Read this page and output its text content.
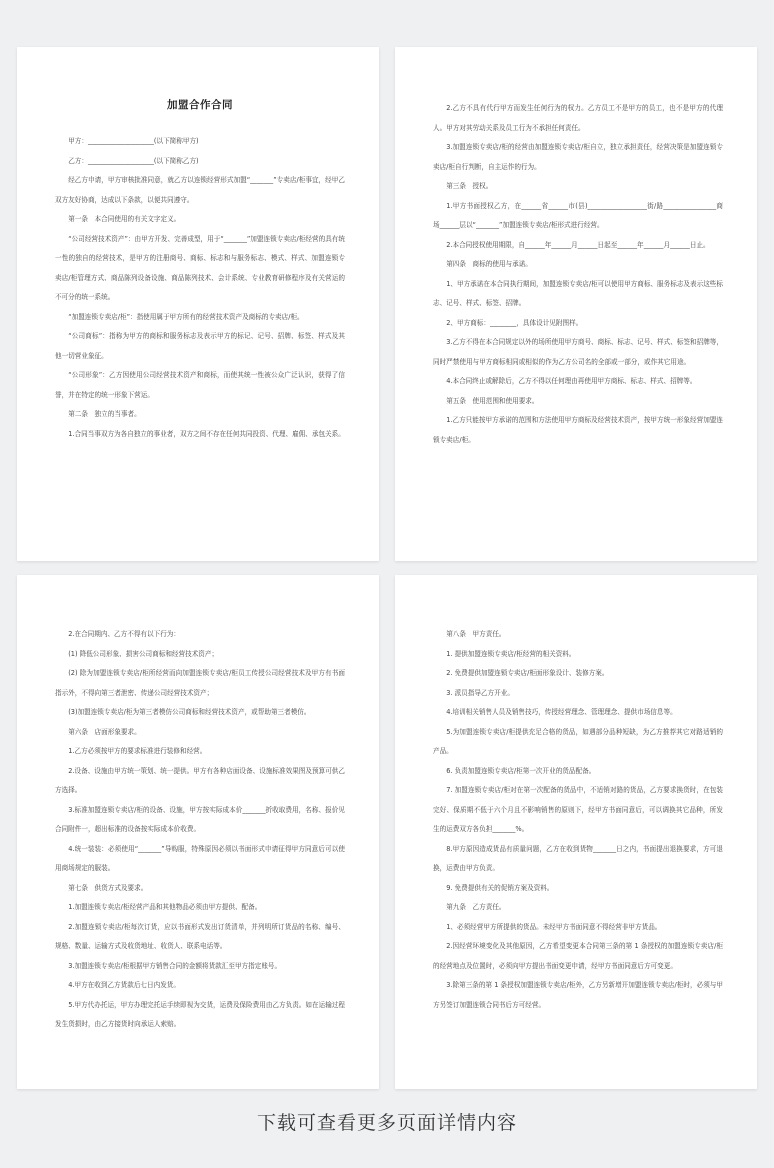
加盟合作合同

甲方：____________________(以下简称甲方)

乙方：____________________(以下简称乙方)

经乙方申请，甲方审核批准同意，就乙方以连锁经营形式加盟“_______”专卖店/柜事宜，经甲乙双方友好协商，达成以下条款，以便共同遵守。

第一条　本合同使用的有关文字定义。

“公司经营技术资产”：由甲方开发、完善成型，用于“_______”加盟连锁专卖店/柜经营的具有统一性的独自的经营技术，是甲方的注册商号、商标、标志和与服务标志、模式、样式、加盟连锁专卖店/柜管理方式、商品陈列设备设施、商品陈列技术、会计系统、专业教育研修程序及有关营运的不可分的统一系统。

“加盟连锁专卖店/柜”：指使用属于甲方所有的经营技术资产及商标的专卖店/柜。

“公司商标”：指称为甲方的商标和服务标志及表示甲方的标记、记号、招牌、标签、样式及其他一切营业象征。

“公司形象”：乙方因使用公司经营技术资产和商标，而使其统一性被公众广泛认识，获得了信誉，并在特定的统一形象下营运。

第二条　独立的当事者。

1.合同当事双方为各自独立的事业者，双方之间不存在任何共同投资、代理、雇佣、承包关系。

2.乙方不具有代行甲方而发生任何行为的权力。乙方员工不是甲方的员工，也不是甲方的代理人。甲方对其劳动关系及员工行为不承担任何责任。

3.加盟连锁专卖店/柜的经营由加盟连锁专卖店/柜自立，独立承担责任，经营决策是加盟连锁专卖店/柜自行判断，自主运作的行为。

第三条　授权。

1.甲方书面授权乙方，在______省______市(县)__________________街/路________________商场______层以“_______”加盟连锁专卖店/柜形式进行经营。

2.本合同授权使用期限，自______年______月______日起至______年______月______日止。

第四条　商标的使用与承诺。

1、甲方承诺在本合同执行期间，加盟连锁专卖店/柜可以使用甲方商标、服务标志及表示这些标志、记号、样式、标签、招牌。

2、甲方商标：________，具体设计见附图样。

3.乙方不得在本合同规定以外的场所使用甲方商号、商标、标志、记号、样式、标签和招牌等，同时严禁使用与甲方商标相同或相似的作为乙方公司名的全部或一部分，或作其它用途。

4.本合同终止或解除后，乙方不得以任何理由再使用甲方商标、标志、样式、招牌等。

第五条　使用范围和使用要求。

1.乙方只能按甲方承诺的范围和方法使用甲方商标及经营技术资产，按甲方统一形象经营加盟连锁专卖店/柜。

2.在合同期内、乙方不得有以下行为：

(1) 降低公司形象、损害公司商标和经营技术资产；

(2) 除为加盟连锁专卖店/柜所经营而向加盟连锁专卖店/柜员工传授公司经营技术及甲方有书面指示外，不得向第三者泄密、传递公司经营技术资产；

(3)加盟连锁专卖店/柜为第三者模仿公司商标和经营技术资产，或帮助第三者模仿。

第六条　店面形象要求。

1.乙方必须按甲方的要求标准进行装修和经营。

2.设备、设施由甲方统一策划、统一提供。甲方有各种店面设备、设施标准效果图及预算可供乙方选择。

3.标准加盟连锁专卖店/柜的设备、设施，甲方按实际成本价_______折收取费用，名称、报价见合同附件一，超出标准的设备按实际成本价收费。

4.统一装装：必须使用“_______”导购服，特殊原因必须以书面形式申请征得甲方同意后可以使用商场规定的服装。

第七条　供货方式及要求。

1.加盟连锁专卖店/柜经营产品和其他物品必须由甲方提供、配备。

2.加盟连锁专卖店/柜每次订货，应以书面形式发出订货清单，并列明所订货品的名称、编号、规格、数量、运输方式及收货地址、收货人、联系电话等。

3.加盟连锁专卖店/柜根据甲方销售合同的金额将货款汇至甲方指定账号。

4.甲方在收到乙方货款后七日内发货。

5.甲方代办托运，甲方办理完托运手续即视为交货，运费及保险费用由乙方负责。如在运输过程发生货损时，由乙方接货时向承运人索赔。

第八条　甲方责任。

1. 提供加盟连锁专卖店/柜经营的相关资料。

2. 免费提供加盟连锁专卖店/柜面形象设计、装修方案。

3. 派员指导乙方开业。

4.培训相关销售人员及销售技巧，传授经营理念、管理理念、提供市场信息等。

5.为加盟连锁专卖店/柜提供充足合格的货品，如遇部分品种短缺，为乙方推荐其它对路适销的产品。

6. 负责加盟连锁专卖店/柜第一次开业的货品配备。

7. 加盟连锁专卖店/柜对在第一次配备的货品中，不适销对路的货品，乙方要求换货时，在包装完好、保质期不低于六个月且不影响销售的原则下，经甲方书面同意后，可以调换其它品种，所发生的运费双方各负担_______%。

8.甲方原因造成货品有质量问题，乙方在收到货物_______日之内，书面提出退换要求，方可退换，运费由甲方负责。

9. 免费提供有关的促销方案及资料。

第九条　乙方责任。

1、必须经营甲方所提供的货品。未经甲方书面同意不得经营非甲方货品。

2.因经营环境变化及其他原因，乙方希望变更本合同第三条的第 1 条授权的加盟连锁专卖店/柜的经营地点及位置时，必须向甲方提出书面变更申请，经甲方书面同意后方可变更。

3.除第三条的第 1 条授权加盟连锁专卖店/柜外，乙方另新增开加盟连锁专卖店/柜时，必须与甲方另签订加盟连锁合同书后方可经营。

下载可查看更多页面详情内容
